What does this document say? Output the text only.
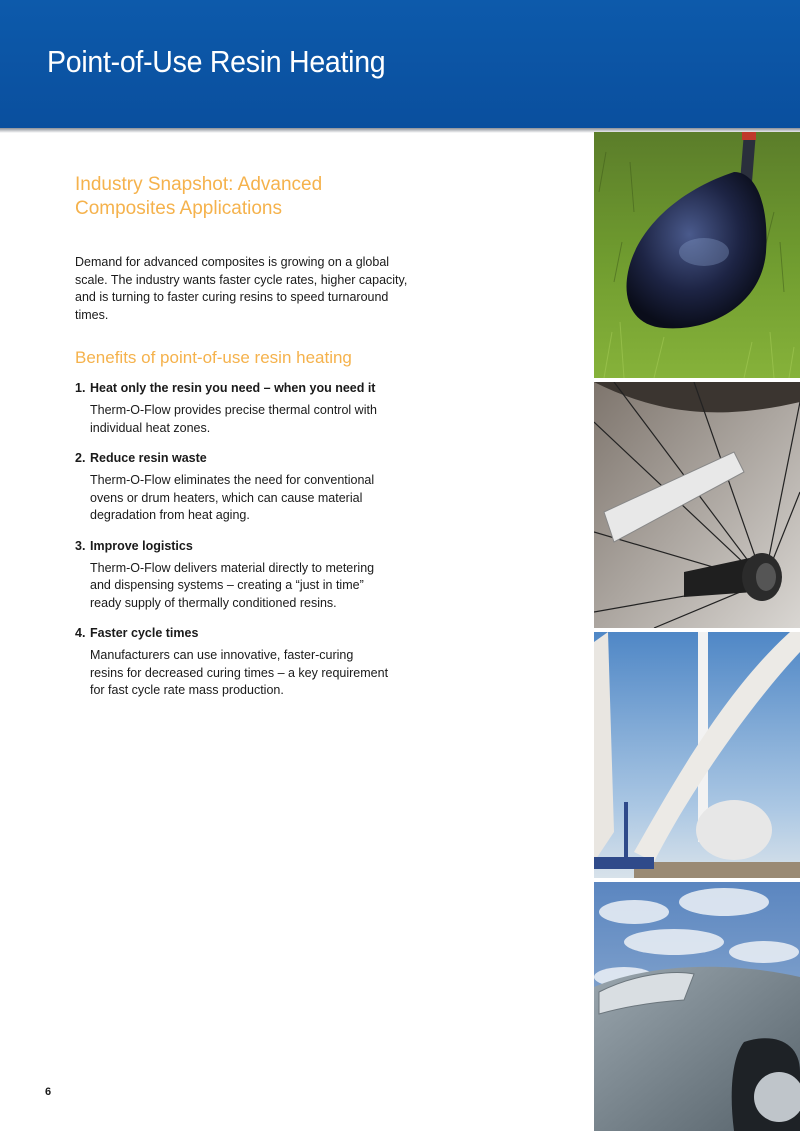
Point-of-Use Resin Heating
Industry Snapshot: Advanced Composites Applications

Demand for advanced composites is growing on a global scale. The industry wants faster cycle rates, higher capacity, and is turning to faster curing resins to speed turnaround times.

Benefits of point-of-use resin heating
1. Heat only the resin you need – when you need it

Therm-O-Flow provides precise thermal control with individual heat zones.

2. Reduce resin waste

Therm-O-Flow eliminates the need for conventional ovens or drum heaters, which can cause material degradation from heat aging.

3. Improve logistics

Therm-O-Flow delivers material directly to metering and dispensing systems – creating a “just in time” ready supply of thermally conditioned resins.

4. Faster cycle times

Manufacturers can use innovative, faster-curing resins for decreased curing times – a key requirement for fast cycle rate mass production.

6
